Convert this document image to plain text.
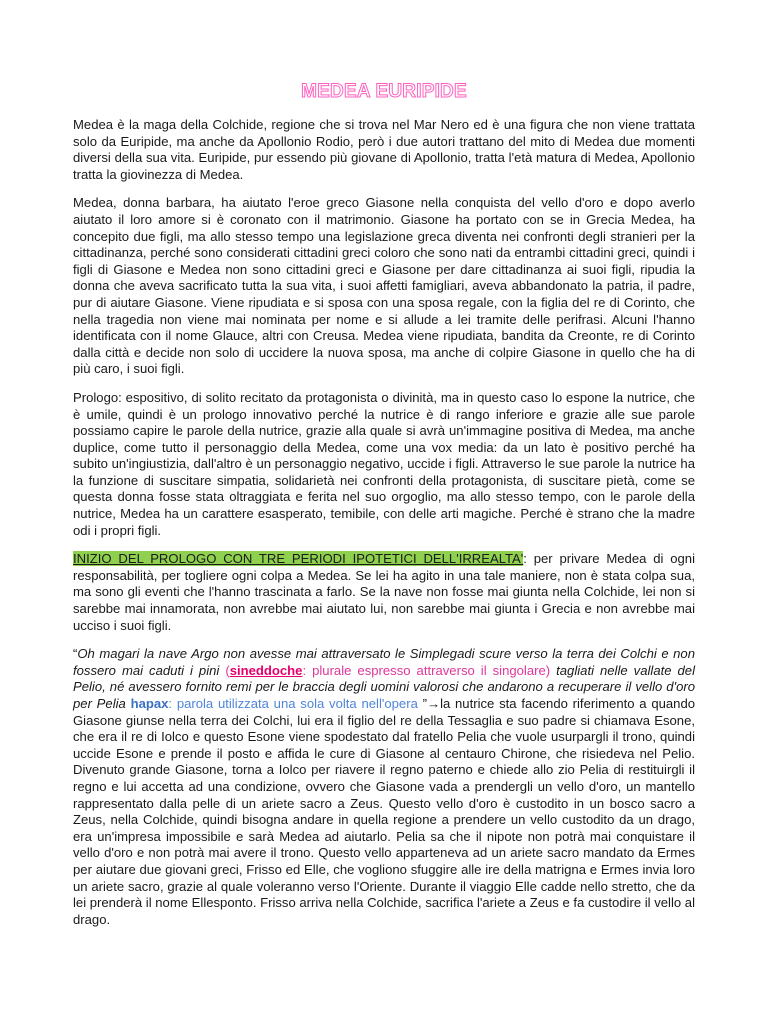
MEDEA EURIPIDE

Medea è la maga della Colchide, regione che si trova nel Mar Nero ed è una figura che non viene trattata solo da Euripide, ma anche da Apollonio Rodio, però i due autori trattano del mito di Medea due momenti diversi della sua vita. Euripide, pur essendo più giovane di Apollonio, tratta l'età matura di Medea, Apollonio tratta la giovinezza di Medea.

Medea, donna barbara, ha aiutato l'eroe greco Giasone nella conquista del vello d'oro e dopo averlo aiutato il loro amore si è coronato con il matrimonio. Giasone ha portato con se in Grecia Medea, ha concepito due figli, ma allo stesso tempo una legislazione greca diventa nei confronti degli stranieri per la cittadinanza, perché sono considerati cittadini greci coloro che sono nati da entrambi cittadini greci, quindi i figli di Giasone e Medea non sono cittadini greci e Giasone per dare cittadinanza ai suoi figli, ripudia la donna che aveva sacrificato tutta la sua vita, i suoi affetti famigliari, aveva abbandonato la patria, il padre, pur di aiutare Giasone. Viene ripudiata e si sposa con una sposa regale, con la figlia del re di Corinto, che nella tragedia non viene mai nominata per nome e si allude a lei tramite delle perifrasi. Alcuni l'hanno identificata con il nome Glauce, altri con Creusa. Medea viene ripudiata, bandita da Creonte, re di Corinto dalla città e decide non solo di uccidere la nuova sposa, ma anche di colpire Giasone in quello che ha di più caro, i suoi figli.

Prologo: espositivo, di solito recitato da protagonista o divinità, ma in questo caso lo espone la nutrice, che è umile, quindi è un prologo innovativo perché la nutrice è di rango inferiore e grazie alle sue parole possiamo capire le parole della nutrice, grazie alla quale si avrà un'immagine positiva di Medea, ma anche duplice, come tutto il personaggio della Medea, come una vox media: da un lato è positivo perché ha subito un'ingiustizia, dall'altro è un personaggio negativo, uccide i figli. Attraverso le sue parole la nutrice ha la funzione di suscitare simpatia, solidarietà nei confronti della protagonista, di suscitare pietà, come se questa donna fosse stata oltraggiata e ferita nel suo orgoglio, ma allo stesso tempo, con le parole della nutrice, Medea ha un carattere esasperato, temibile, con delle arti magiche. Perché è strano che la madre odi i propri figli.

INIZIO DEL PROLOGO CON TRE PERIODI IPOTETICI DELL'IRREALTA': per privare Medea di ogni responsabilità, per togliere ogni colpa a Medea. Se lei ha agito in una tale maniere, non è stata colpa sua, ma sono gli eventi che l'hanno trascinata a farlo. Se la nave non fosse mai giunta nella Colchide, lei non si sarebbe mai innamorata, non avrebbe mai aiutato lui, non sarebbe mai giunta i Grecia e non avrebbe mai ucciso i suoi figli.

“Oh magari la nave Argo non avesse mai attraversato le Simplegadi scure verso la terra dei Colchi e non fossero mai caduti i pini (sineddoche: plurale espresso attraverso il singolare) tagliati nelle vallate del Pelio, né avessero fornito remi per le braccia degli uomini valorosi che andarono a recuperare il vello d'oro per Pelia hapax: parola utilizzata una sola volta nell'opera ”→la nutrice sta facendo riferimento a quando Giasone giunse nella terra dei Colchi, lui era il figlio del re della Tessaglia e suo padre si chiamava Esone, che era il re di Iolco e questo Esone viene spodestato dal fratello Pelia che vuole usurpargli il trono, quindi uccide Esone e prende il posto e affida le cure di Giasone al centauro Chirone, che risiedeva nel Pelio. Divenuto grande Giasone, torna a Iolco per riavere il regno paterno e chiede allo zio Pelia di restituirgli il regno e lui accetta ad una condizione, ovvero che Giasone vada a prendergli un vello d'oro, un mantello rappresentato dalla pelle di un ariete sacro a Zeus. Questo vello d'oro è custodito in un bosco sacro a Zeus, nella Colchide, quindi bisogna andare in quella regione a prendere un vello custodito da un drago, era un'impresa impossibile e sarà Medea ad aiutarlo. Pelia sa che il nipote non potrà mai conquistare il vello d'oro e non potrà mai avere il trono. Questo vello apparteneva ad un ariete sacro mandato da Ermes per aiutare due giovani greci, Frisso ed Elle, che vogliono sfuggire alle ire della matrigna e Ermes invia loro un ariete sacro, grazie al quale voleranno verso l'Oriente. Durante il viaggio Elle cadde nello stretto, che da lei prenderà il nome Ellesponto. Frisso arriva nella Colchide, sacrifica l'ariete a Zeus e fa custodire il vello al drago.
